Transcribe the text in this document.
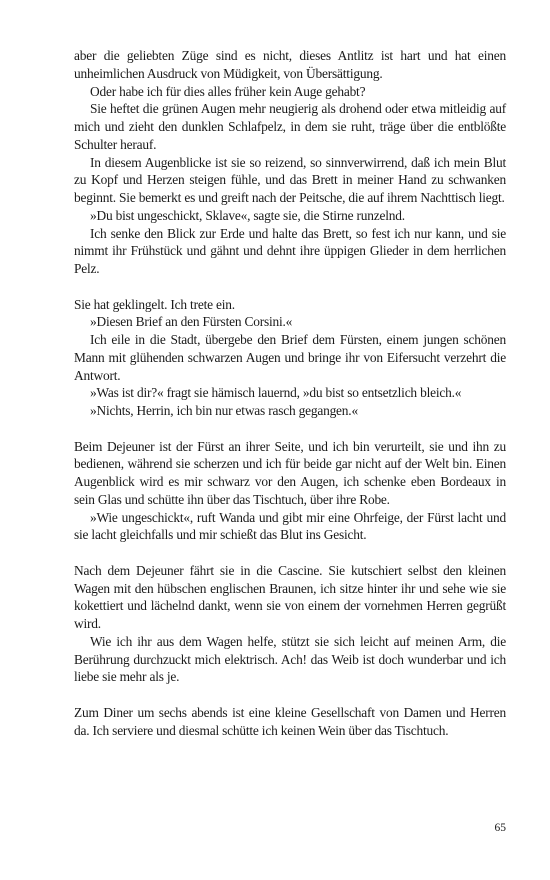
aber die geliebten Züge sind es nicht, dieses Antlitz ist hart und hat einen unheimlichen Ausdruck von Müdigkeit, von Übersättigung.

Oder habe ich für dies alles früher kein Auge gehabt?

Sie heftet die grünen Augen mehr neugierig als drohend oder etwa mitleidig auf mich und zieht den dunklen Schlafpelz, in dem sie ruht, träge über die entblößte Schulter herauf.

In diesem Augenblicke ist sie so reizend, so sinnverwirrend, daß ich mein Blut zu Kopf und Herzen steigen fühle, und das Brett in meiner Hand zu schwanken beginnt. Sie bemerkt es und greift nach der Peitsche, die auf ihrem Nachttisch liegt.

»Du bist ungeschickt, Sklave«, sagte sie, die Stirne runzelnd.

Ich senke den Blick zur Erde und halte das Brett, so fest ich nur kann, und sie nimmt ihr Frühstück und gähnt und dehnt ihre üppigen Glieder in dem herrlichen Pelz.

Sie hat geklingelt. Ich trete ein.

»Diesen Brief an den Fürsten Corsini.«

Ich eile in die Stadt, übergebe den Brief dem Fürsten, einem jungen schönen Mann mit glühenden schwarzen Augen und bringe ihr von Eifersucht verzehrt die Antwort.

»Was ist dir?« fragt sie hämisch lauernd, »du bist so entsetzlich bleich.«

»Nichts, Herrin, ich bin nur etwas rasch gegangen.«

Beim Dejeuner ist der Fürst an ihrer Seite, und ich bin verurteilt, sie und ihn zu bedienen, während sie scherzen und ich für beide gar nicht auf der Welt bin. Einen Augenblick wird es mir schwarz vor den Augen, ich schenke eben Bordeaux in sein Glas und schütte ihn über das Tischtuch, über ihre Robe.

»Wie ungeschickt«, ruft Wanda und gibt mir eine Ohrfeige, der Fürst lacht und sie lacht gleichfalls und mir schießt das Blut ins Gesicht.

Nach dem Dejeuner fährt sie in die Cascine. Sie kutschiert selbst den kleinen Wagen mit den hübschen englischen Braunen, ich sitze hinter ihr und sehe wie sie kokettiert und lächelnd dankt, wenn sie von einem der vornehmen Herren gegrüßt wird.

Wie ich ihr aus dem Wagen helfe, stützt sie sich leicht auf meinen Arm, die Berührung durchzuckt mich elektrisch. Ach! das Weib ist doch wunderbar und ich liebe sie mehr als je.

Zum Diner um sechs abends ist eine kleine Gesellschaft von Damen und Herren da. Ich serviere und diesmal schütte ich keinen Wein über das Tischtuch.

65
